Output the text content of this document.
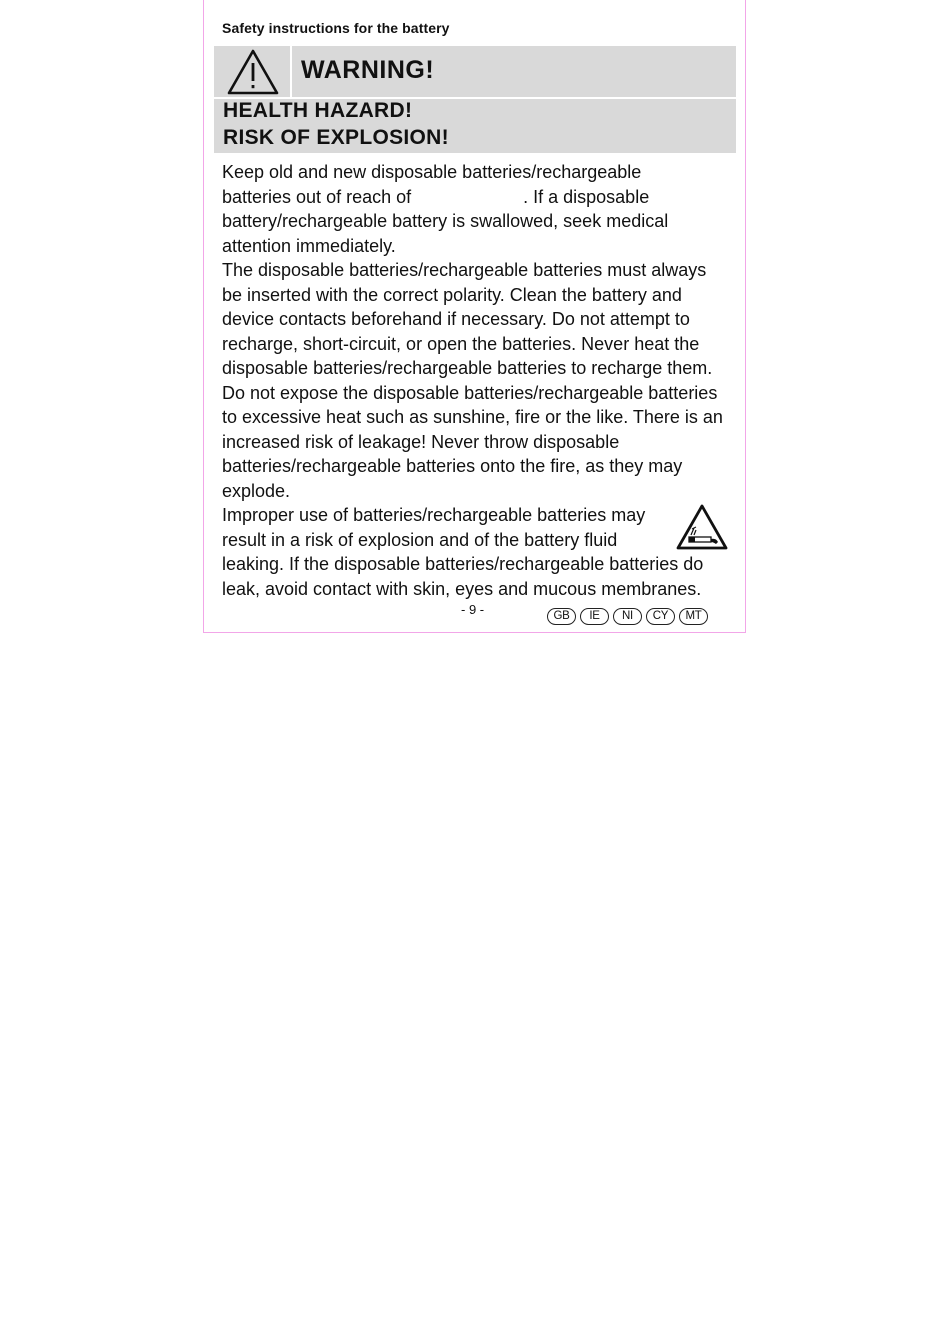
Safety instructions for the battery
WARNING!
HEALTH HAZARD!
RISK OF EXPLOSION!

Keep old and new disposable batteries/rechargeable
batteries out of reach of	. If a disposable
battery/rechargeable battery is swallowed, seek medical
attention immediately.

The disposable batteries/rechargeable batteries must always
be inserted with the correct polarity. Clean the battery and
device contacts beforehand if necessary. Do not attempt to
recharge, short-circuit, or open the batteries. Never heat the
disposable batteries/rechargeable batteries to recharge them.

Do not expose the disposable batteries/rechargeable batteries
to excessive heat such as sunshine, fire or the like. There is an
increased risk of leakage! Never throw disposable
batteries/rechargeable batteries onto the fire, as they may
explode.

Improper use of batteries/rechargeable batteries may
result in a risk of explosion and of the battery fluid
leaking. If the disposable batteries/rechargeable batteries do
leak, avoid contact with skin, eyes and mucous membranes.

- 9 -	GB	IE	NI	CY	MT
